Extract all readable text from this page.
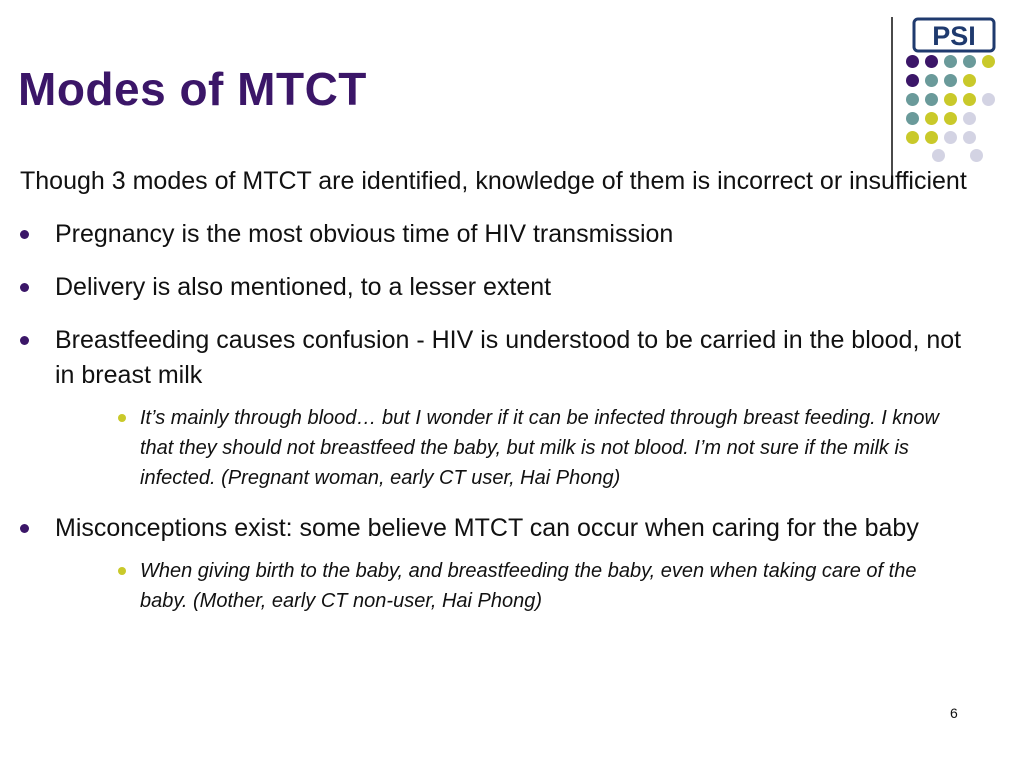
Modes of MTCT
PSI

Though 3 modes of MTCT are identified, knowledge of them is incorrect or insufficient

Pregnancy is the most obvious time of HIV transmission
Delivery is also mentioned, to a lesser extent
Breastfeeding causes confusion - HIV is understood to be carried in the blood, not in breast milk
It’s mainly through blood… but I wonder if it can be infected through breast feeding. I know that they should not breastfeed the baby, but milk is not blood. I’m not sure if the milk is infected. (Pregnant woman, early CT user, Hai Phong)
Misconceptions exist: some believe MTCT can occur when caring for the baby
When giving birth to the baby, and breastfeeding the baby, even when taking care of the baby. (Mother, early CT non-user, Hai Phong)
6
